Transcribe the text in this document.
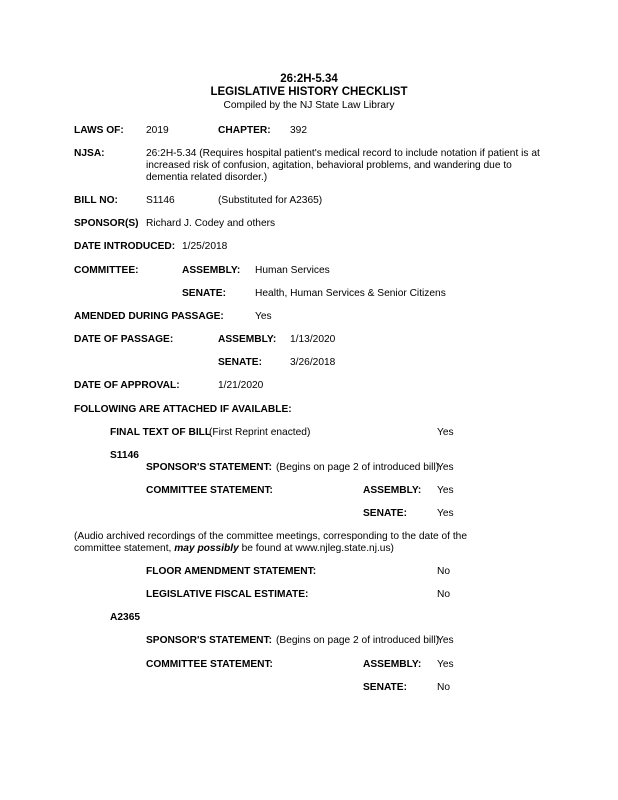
26:2H-5.34
LEGISLATIVE HISTORY CHECKLIST
Compiled by the NJ State Law Library
LAWS OF: 2019	CHAPTER: 392
NJSA:	26:2H-5.34 (Requires hospital patient's medical record to include notation if patient is at increased risk of confusion, agitation, behavioral problems, and wandering due to dementia related disorder.)
BILL NO:	S1146	(Substituted for A2365)
SPONSOR(S) Richard J. Codey and others
DATE INTRODUCED: 1/25/2018
COMMITTEE:	ASSEMBLY: Human Services
SENATE:	Health, Human Services & Senior Citizens
AMENDED DURING PASSAGE:	Yes
DATE OF PASSAGE:	ASSEMBLY: 1/13/2020
SENATE:	3/26/2018
DATE OF APPROVAL:	1/21/2020
FOLLOWING ARE ATTACHED IF AVAILABLE:
FINAL TEXT OF BILL
(First Reprint enacted)	Yes
S1146
SPONSOR'S STATEMENT: (Begins on page 2 of introduced bill)
Yes
COMMITTEE STATEMENT:	ASSEMBLY: Yes
SENATE:	Yes
(Audio archived recordings of the committee meetings, corresponding to the date of the committee statement, may possibly be found at www.njleg.state.nj.us)
FLOOR AMENDMENT STATEMENT:	No
LEGISLATIVE FISCAL ESTIMATE:	No
A2365
SPONSOR'S STATEMENT: (Begins on page 2 of introduced bill)
Yes
COMMITTEE STATEMENT:	ASSEMBLY: Yes
SENATE:	No
